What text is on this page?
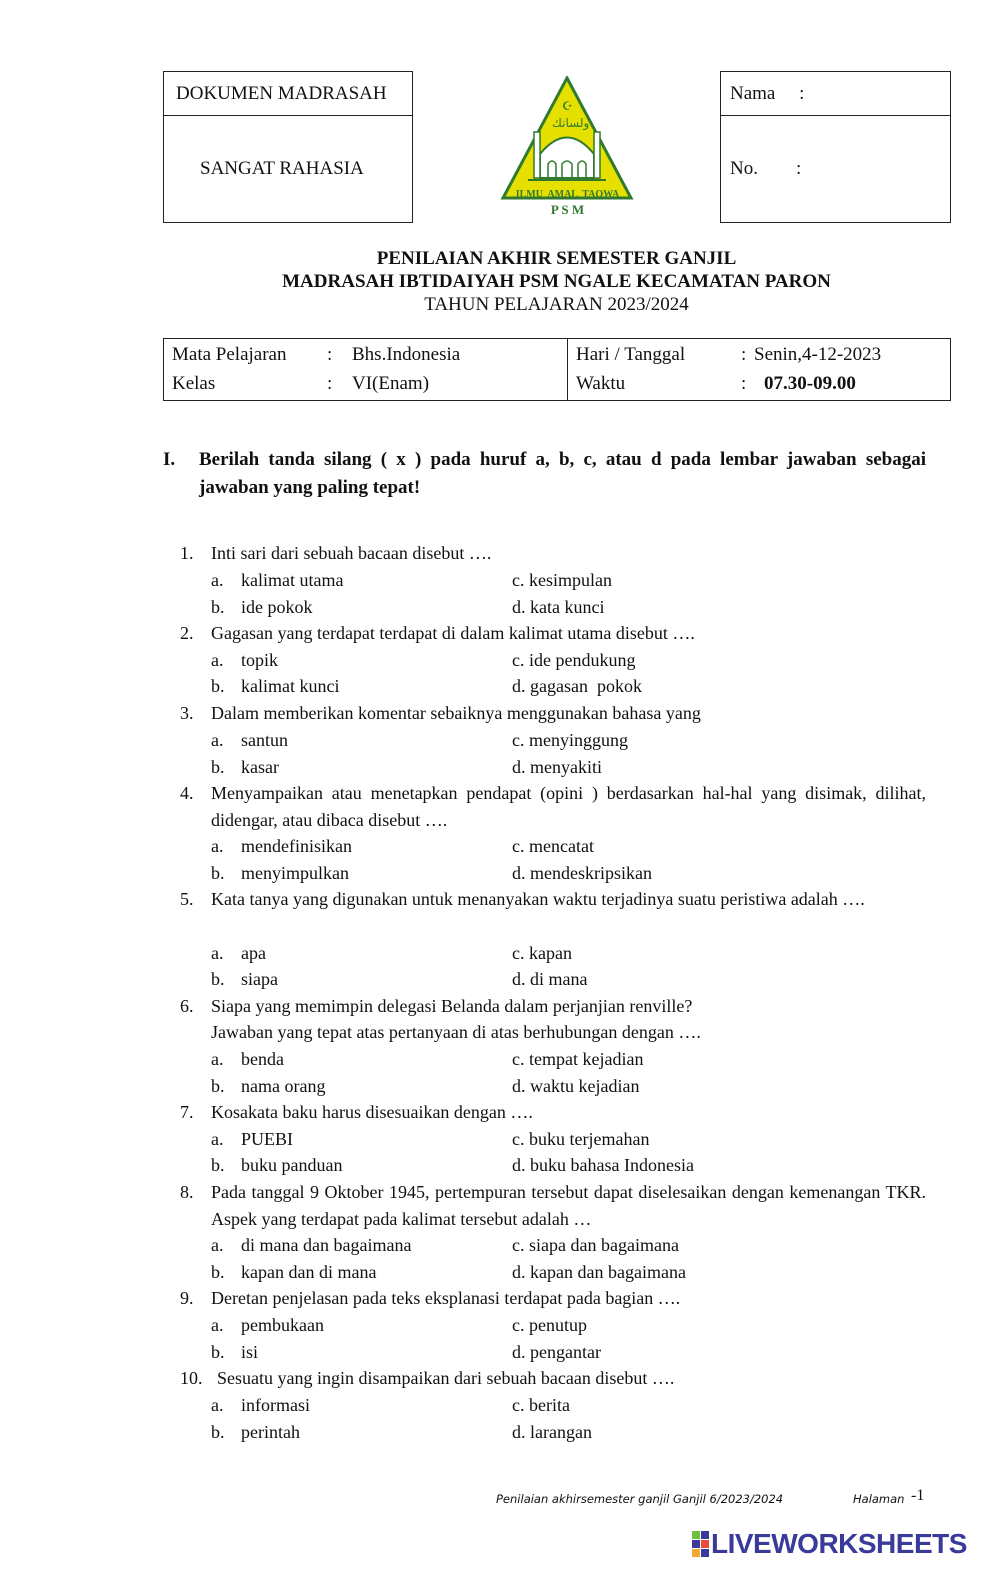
DOKUMEN MADRASAH
SANGAT RAHASIA
Nama     :
No.        :
☪
ولسانك
ILMU  AMAL  TAQWA
P S M
PENILAIAN AKHIR SEMESTER GANJIL
MADRASAH IBTIDAIYAH PSM NGALE KECAMATAN PARON
TAHUN PELAJARAN 2023/2024
Mata Pelajaran : Bhs.Indonesia
Kelas	: VI(Enam)
Hari / Tanggal	: Senin,4-12-2023
Waktu	: 07.30-09.00
I. Berilah tanda silang ( x ) pada huruf a, b, c, atau d pada lembar jawaban sebagai
jawaban yang paling tepat!
1. Inti sari dari sebuah bacaan disebut ….
a. kalimat utama	c. kesimpulan
b. ide pokok	d. kata kunci
2. Gagasan yang terdapat terdapat di dalam kalimat utama disebut ….
a. topik	c. ide pendukung
b. kalimat kunci	d. gagasan  pokok
3. Dalam memberikan komentar sebaiknya menggunakan bahasa yang
a. santun	c. menyinggung
b. kasar	d. menyakiti
4. Menyampaikan atau menetapkan pendapat (opini ) berdasarkan hal-hal yang disimak, dilihat, didengar, atau dibaca disebut ….
a. mendefinisikan	c. mencatat
b. menyimpulkan	d. mendeskripsikan
5. Kata tanya yang digunakan untuk menanyakan waktu terjadinya suatu peristiwa adalah ….
a. apa	c. kapan
b. siapa	d. di mana
6. Siapa yang memimpin delegasi Belanda dalam perjanjian renville?
Jawaban yang tepat atas pertanyaan di atas berhubungan dengan ….
a. benda	c. tempat kejadian
b. nama orang	d. waktu kejadian
7. Kosakata baku harus disesuaikan dengan ….
a. PUEBI	c. buku terjemahan
b. buku panduan	d. buku bahasa Indonesia
8. Pada tanggal 9 Oktober 1945, pertempuran tersebut dapat diselesaikan dengan kemenangan TKR. Aspek yang terdapat pada kalimat tersebut adalah …
a. di mana dan bagaimana	c. siapa dan bagaimana
b. kapan dan di mana	d. kapan dan bagaimana
9. Deretan penjelasan pada teks eksplanasi terdapat pada bagian ….
a. pembukaan	c. penutup
b. isi	d. pengantar
10. Sesuatu yang ingin disampaikan dari sebuah bacaan disebut ….
a. informasi	c. berita
b. perintah	d. larangan
Penilaian akhirsemester ganjil Ganjil 6/2023/2024	Halaman -1
LIVEWORKSHEETS
